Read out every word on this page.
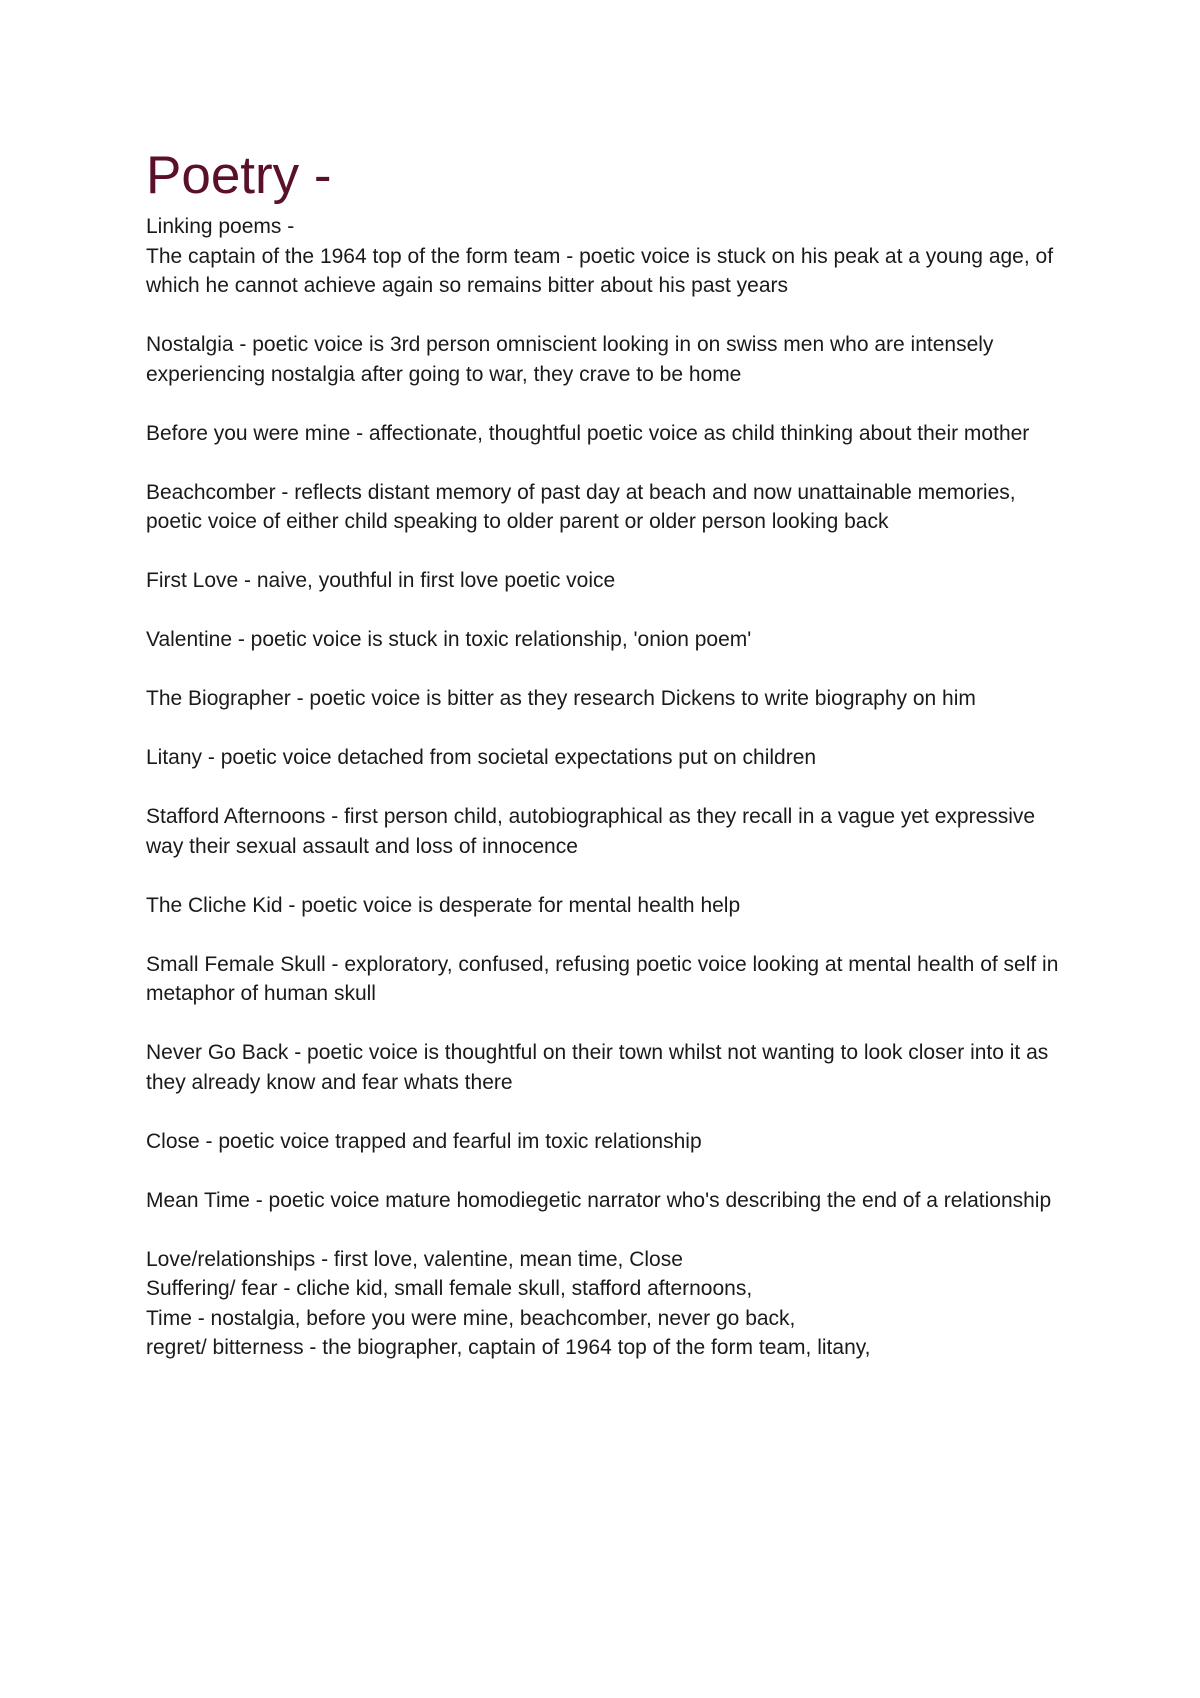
Poetry -

Linking poems -

The captain of the 1964 top of the form team - poetic voice is stuck on his peak at a young age, of which he cannot achieve again so remains bitter about his past years

Nostalgia - poetic voice is 3rd person omniscient looking in on swiss men who are intensely experiencing nostalgia after going to war, they crave to be home

Before you were mine - affectionate, thoughtful poetic voice as child thinking about their mother

Beachcomber - reflects distant memory of past day at beach and now unattainable memories, poetic voice of either child speaking to older parent or older person looking back

First Love - naive, youthful in first love poetic voice

Valentine - poetic voice is stuck in toxic relationship, 'onion poem'

The Biographer - poetic voice is bitter as they research Dickens to write biography on him

Litany - poetic voice detached from societal expectations put on children

Stafford Afternoons - first person child, autobiographical as they recall in a vague yet expressive way their sexual assault and loss of innocence

The Cliche Kid - poetic voice is desperate for mental health help

Small Female Skull - exploratory, confused, refusing poetic voice looking at mental health of self in metaphor of human skull

Never Go Back - poetic voice is thoughtful on their town whilst not wanting to look closer into it as they already know and fear whats there

Close - poetic voice trapped and fearful im toxic relationship

Mean Time - poetic voice mature homodiegetic narrator who's describing the end of a relationship

Love/relationships - first love, valentine, mean time, Close

Suffering/ fear - cliche kid, small female skull, stafford afternoons,

Time - nostalgia, before you were mine, beachcomber, never go back,

regret/ bitterness - the biographer, captain of 1964 top of the form team, litany,
